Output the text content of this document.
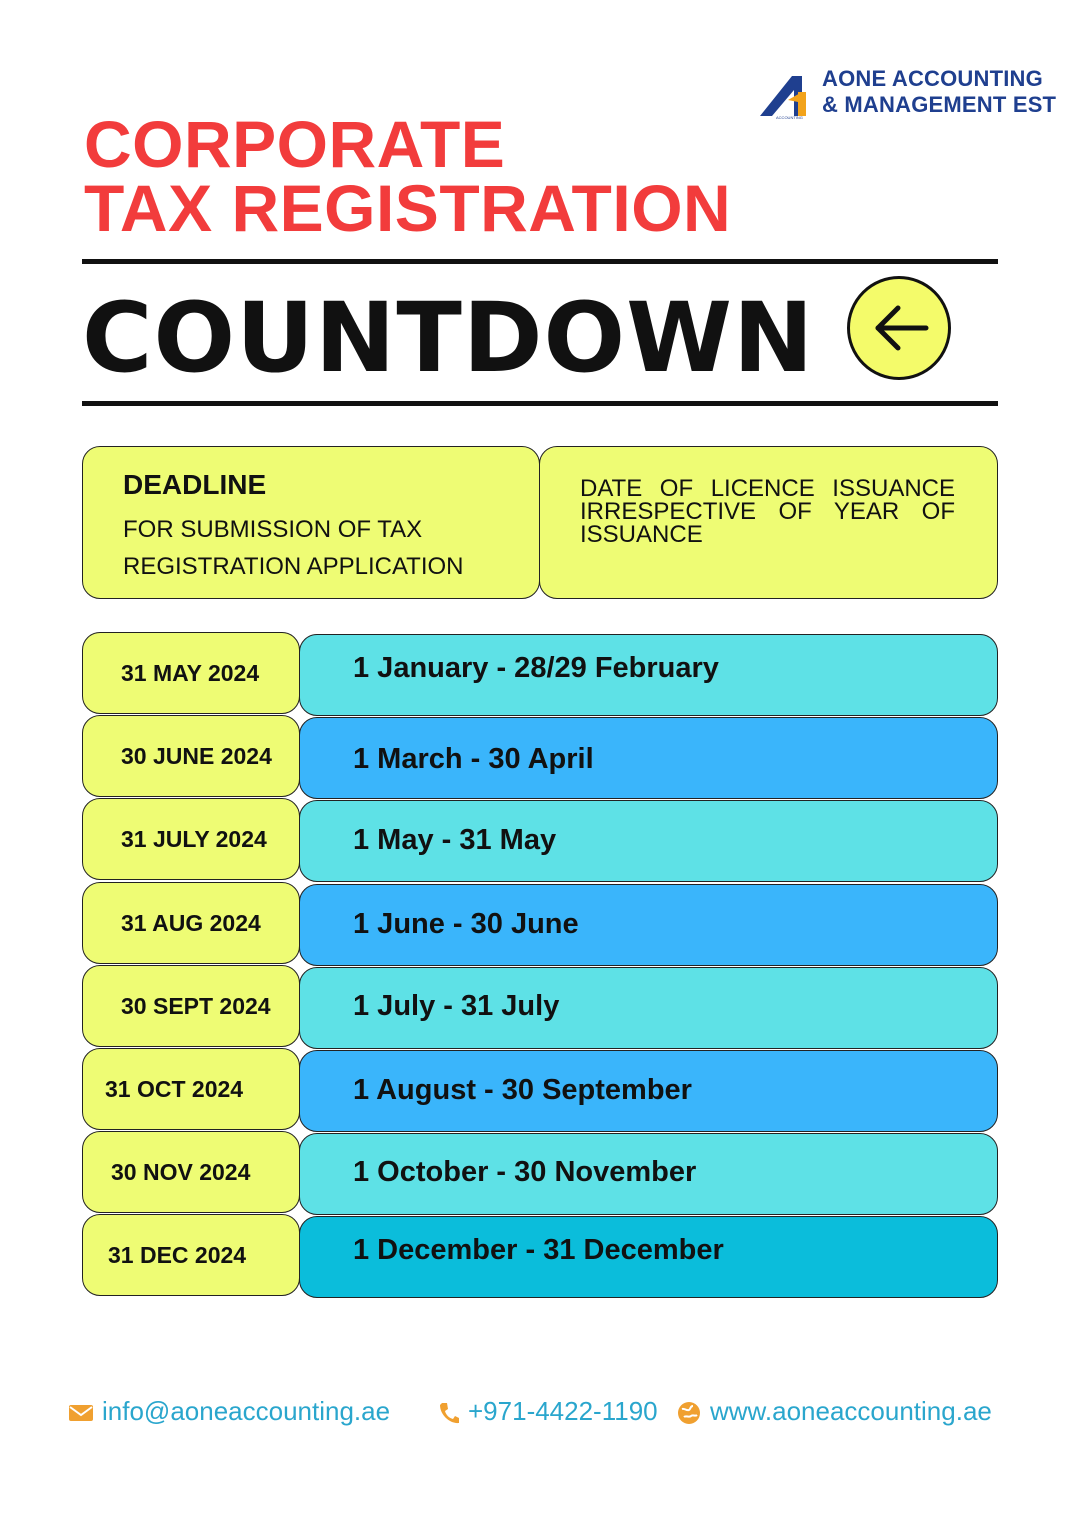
ACCOUNTING
AONE ACCOUNTING
& MANAGEMENT EST
CORPORATE
TAX REGISTRATION
COUNTDOWN
DEADLINE
FOR SUBMISSION OF TAX REGISTRATION APPLICATION
DATE OF LICENCE ISSUANCE IRRESPECTIVE OF YEAR OF ISSUANCE
31 MAY 2024	1 January - 28/29 February
30 JUNE 2024	1 March - 30 April
31 JULY 2024	1 May - 31 May
31 AUG 2024	1 June - 30 June
30 SEPT 2024	1 July - 31 July
31 OCT 2024	1 August - 30 September
30 NOV 2024	1 October - 30 November
31 DEC 2024	1 December - 31 December
info@aoneaccounting.ae	+971-4422-1190	www.aoneaccounting.ae
